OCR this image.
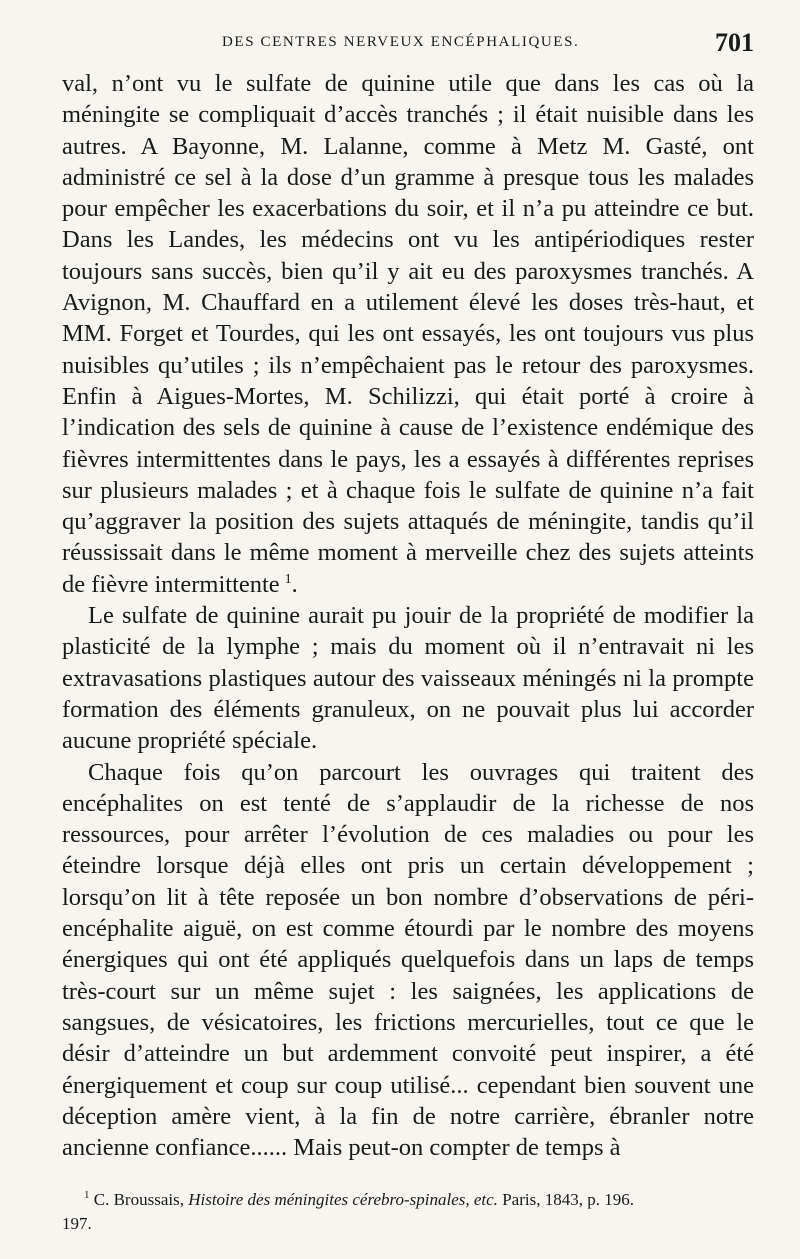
DES CENTRES NERVEUX ENCÉPHALIQUES.	701

val, n’ont vu le sulfate de quinine utile que dans les cas où la méningite se compliquait d’accès tranchés ; il était nuisible dans les autres. A Bayonne, M. Lalanne, comme à Metz M. Gasté, ont administré ce sel à la dose d’un gramme à presque tous les malades pour empêcher les exacerbations du soir, et il n’a pu atteindre ce but. Dans les Landes, les médecins ont vu les antipériodiques rester toujours sans succès, bien qu’il y ait eu des paroxysmes tranchés. A Avignon, M. Chauffard en a utilement élevé les doses très-haut, et MM. Forget et Tourdes, qui les ont essayés, les ont toujours vus plus nuisibles qu’utiles ; ils n’empêchaient pas le retour des paroxysmes. Enfin à Aigues-Mortes, M. Schilizzi, qui était porté à croire à l’indication des sels de quinine à cause de l’existence endémique des fièvres intermittentes dans le pays, les a essayés à différentes reprises sur plusieurs malades ; et à chaque fois le sulfate de quinine n’a fait qu’aggraver la position des sujets attaqués de méningite, tandis qu’il réussissait dans le même moment à merveille chez des sujets atteints de fièvre intermittente  $^1$.

Le sulfate de quinine aurait pu jouir de la propriété de modifier la plasticité de la lymphe ; mais du moment où il n’entravait ni les extravasations plastiques autour des vaisseaux méningés ni la prompte formation des éléments granuleux, on ne pouvait plus lui accorder aucune propriété spéciale.

Chaque fois qu’on parcourt les ouvrages qui traitent des encéphalites on est tenté de s’applaudir de la richesse de nos ressources, pour arrêter l’évolution de ces maladies ou pour les éteindre lorsque déjà elles ont pris un certain développement ; lorsqu’on lit à tête reposée un bon nombre d’observations de péri-encéphalite aiguë, on est comme étourdi par le nombre des moyens énergiques qui ont été appliqués quelquefois dans un laps de temps très-court sur un même sujet : les saignées, les applications de sangsues, de vésicatoires, les frictions mercurielles, tout ce que le désir d’atteindre un but ardemment convoité peut inspirer, a été énergiquement et coup sur coup utilisé... cependant bien souvent une déception amère vient, à la fin de notre carrière, ébranler notre ancienne confiance...... Mais peut-on compter de temps à

$^1$ C. Broussais, Histoire des méningites cérebro-spinales, etc. Paris, 1843, p. 196.
197.
